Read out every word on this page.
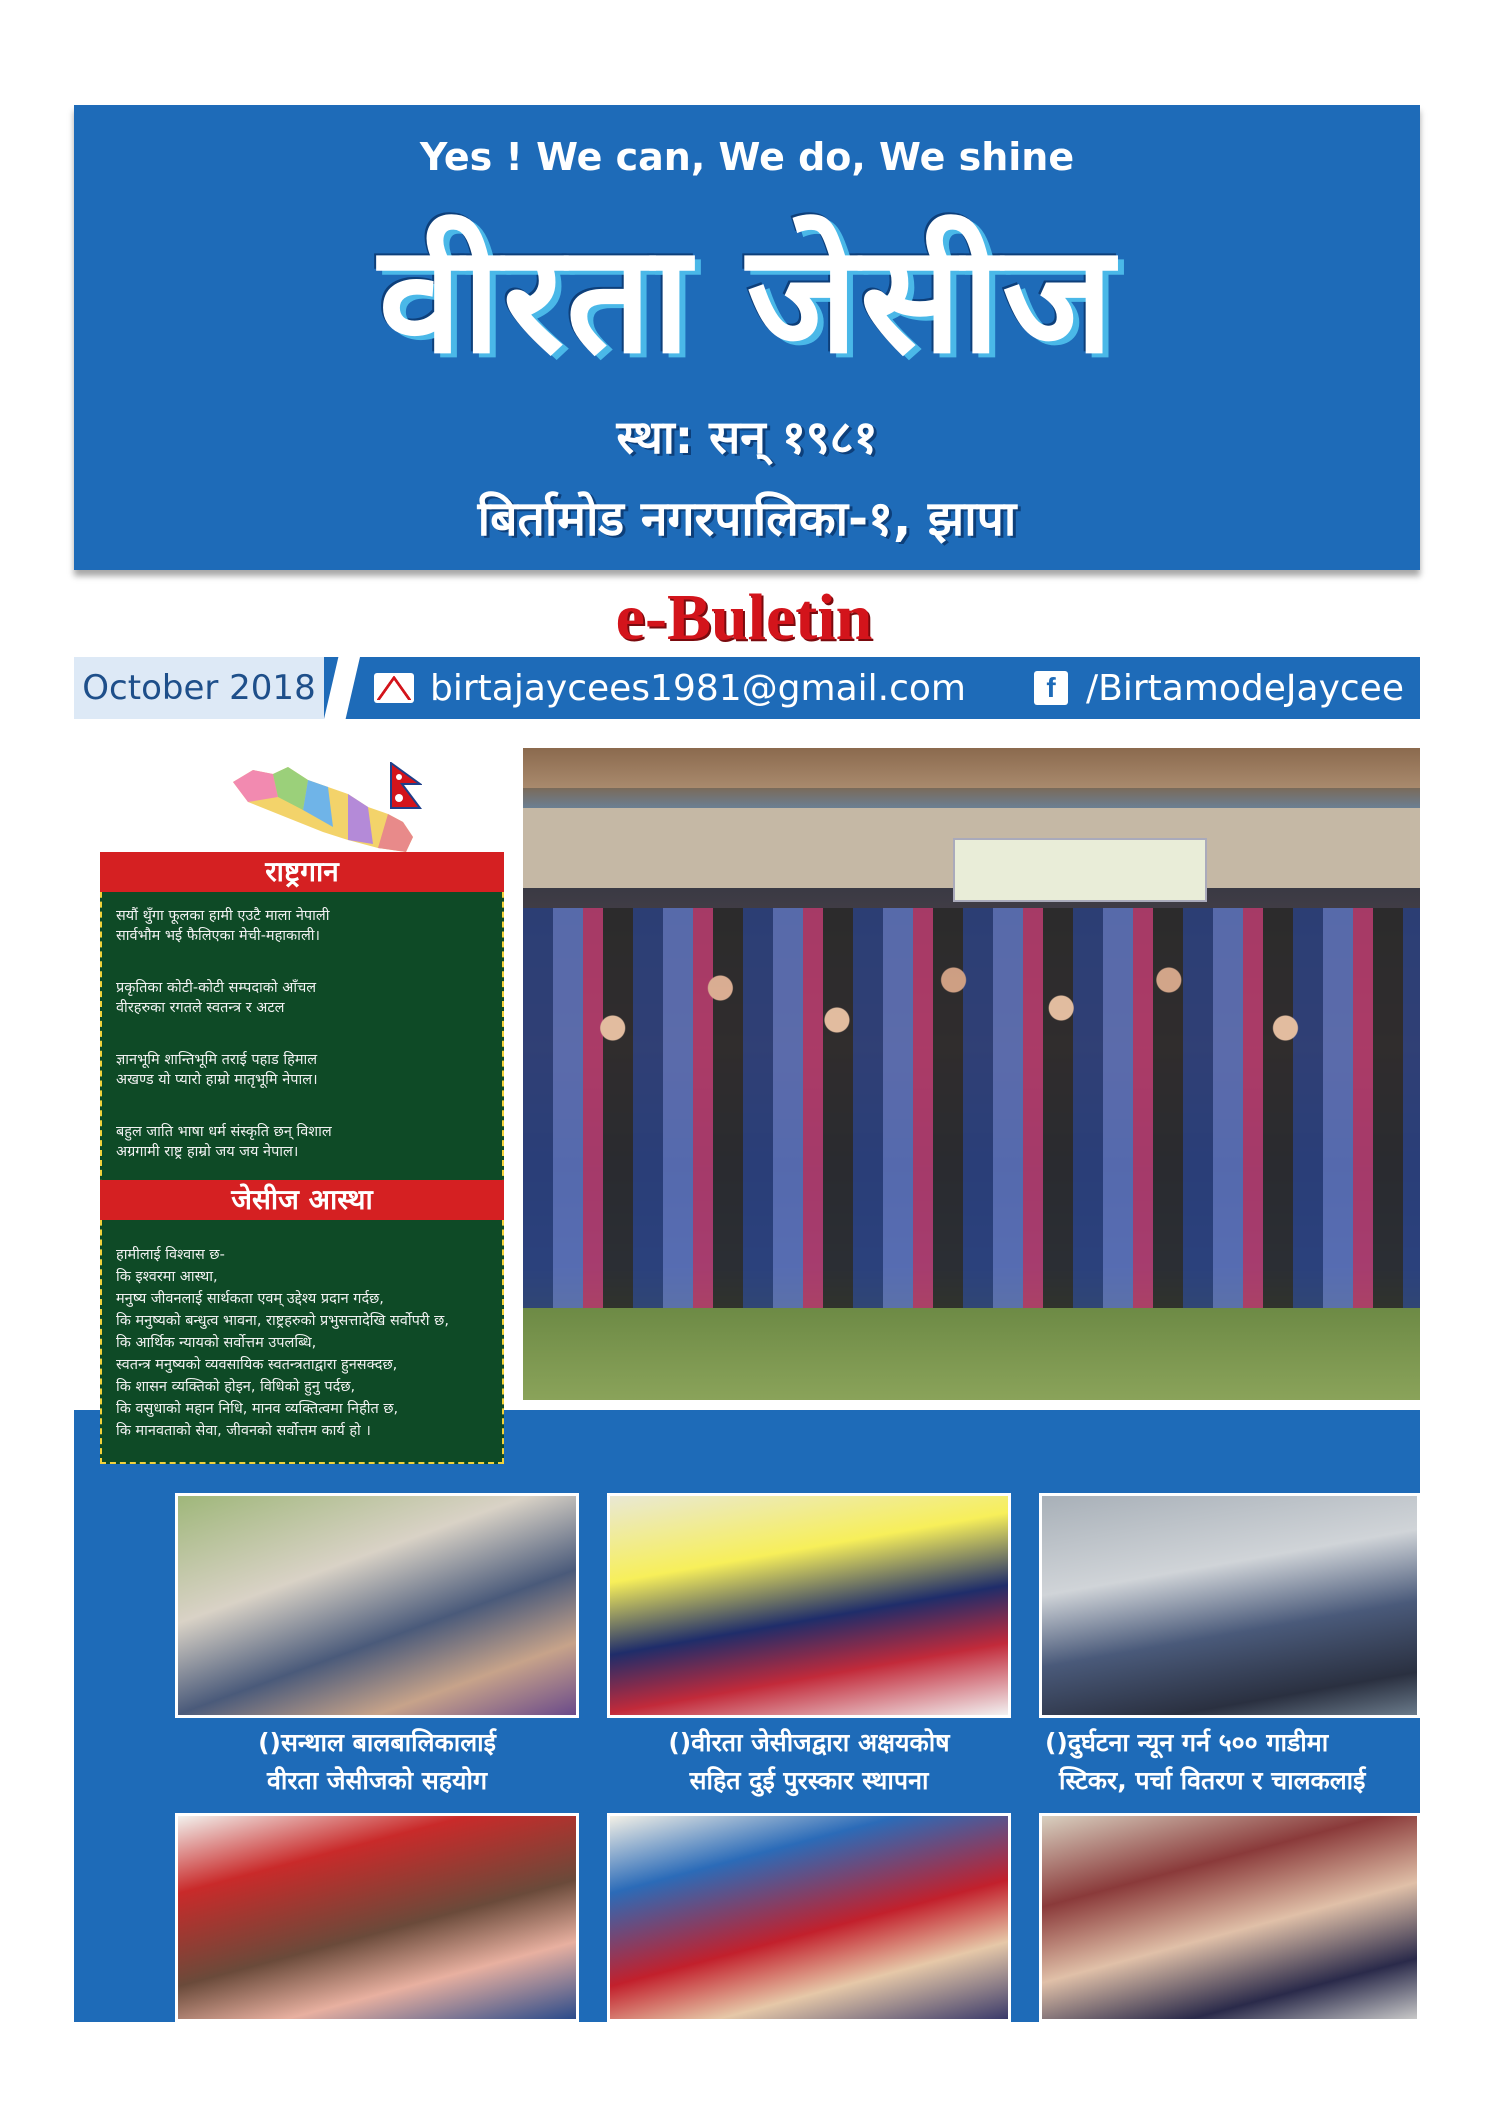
Yes ! We can, We do, We shine
वीरता जेसीज
स्था: सन् १९८१
बिर्तामोड नगरपालिका-१, झापा
e-Buletin
October 2018	birtajaycees1981@gmail.com	f /BirtamodeJaycee
राष्ट्रगान
सयौं थुँगा फूलका हामी एउटै माला नेपाली
सार्वभौम भई फैलिएका मेची-महाकाली।
प्रकृतिका कोटी-कोटी सम्पदाको आँचल
वीरहरुका रगतले स्वतन्त्र र अटल
ज्ञानभूमि शान्तिभूमि तराई पहाड हिमाल
अखण्ड यो प्यारो हाम्रो मातृभूमि नेपाल।
बहुल जाति भाषा धर्म संस्कृति छन् विशाल
अग्रगामी राष्ट्र हाम्रो जय जय नेपाल।
जेसीज आस्था
हामीलाई विश्वास छ-
कि इश्वरमा आस्था,
मनुष्य जीवनलाई सार्थकता एवम् उद्देश्य प्रदान गर्दछ,
कि मनुष्यको बन्धुत्व भावना, राष्ट्रहरुको प्रभुसत्तादेखि सर्वोपरी छ,
कि आर्थिक न्यायको सर्वोत्तम उपलब्धि,
स्वतन्त्र मनुष्यको व्यवसायिक स्वतन्त्रताद्वारा हुनसक्दछ,
कि शासन व्यक्तिको होइन, विधिको हुनु पर्दछ,
कि वसुधाको महान निधि, मानव व्यक्तित्वमा निहीत छ,
कि मानवताको सेवा, जीवनको सर्वोत्तम कार्य हो ।
()सन्थाल बालबालिकालाई
वीरता जेसीजको सहयोग
()वीरता जेसीजद्वारा अक्षयकोष
सहित दुई पुरस्कार स्थापना
()दुर्घटना न्यून गर्न ५०० गाडीमा
स्टिकर, पर्चा वितरण र चालकलाई
